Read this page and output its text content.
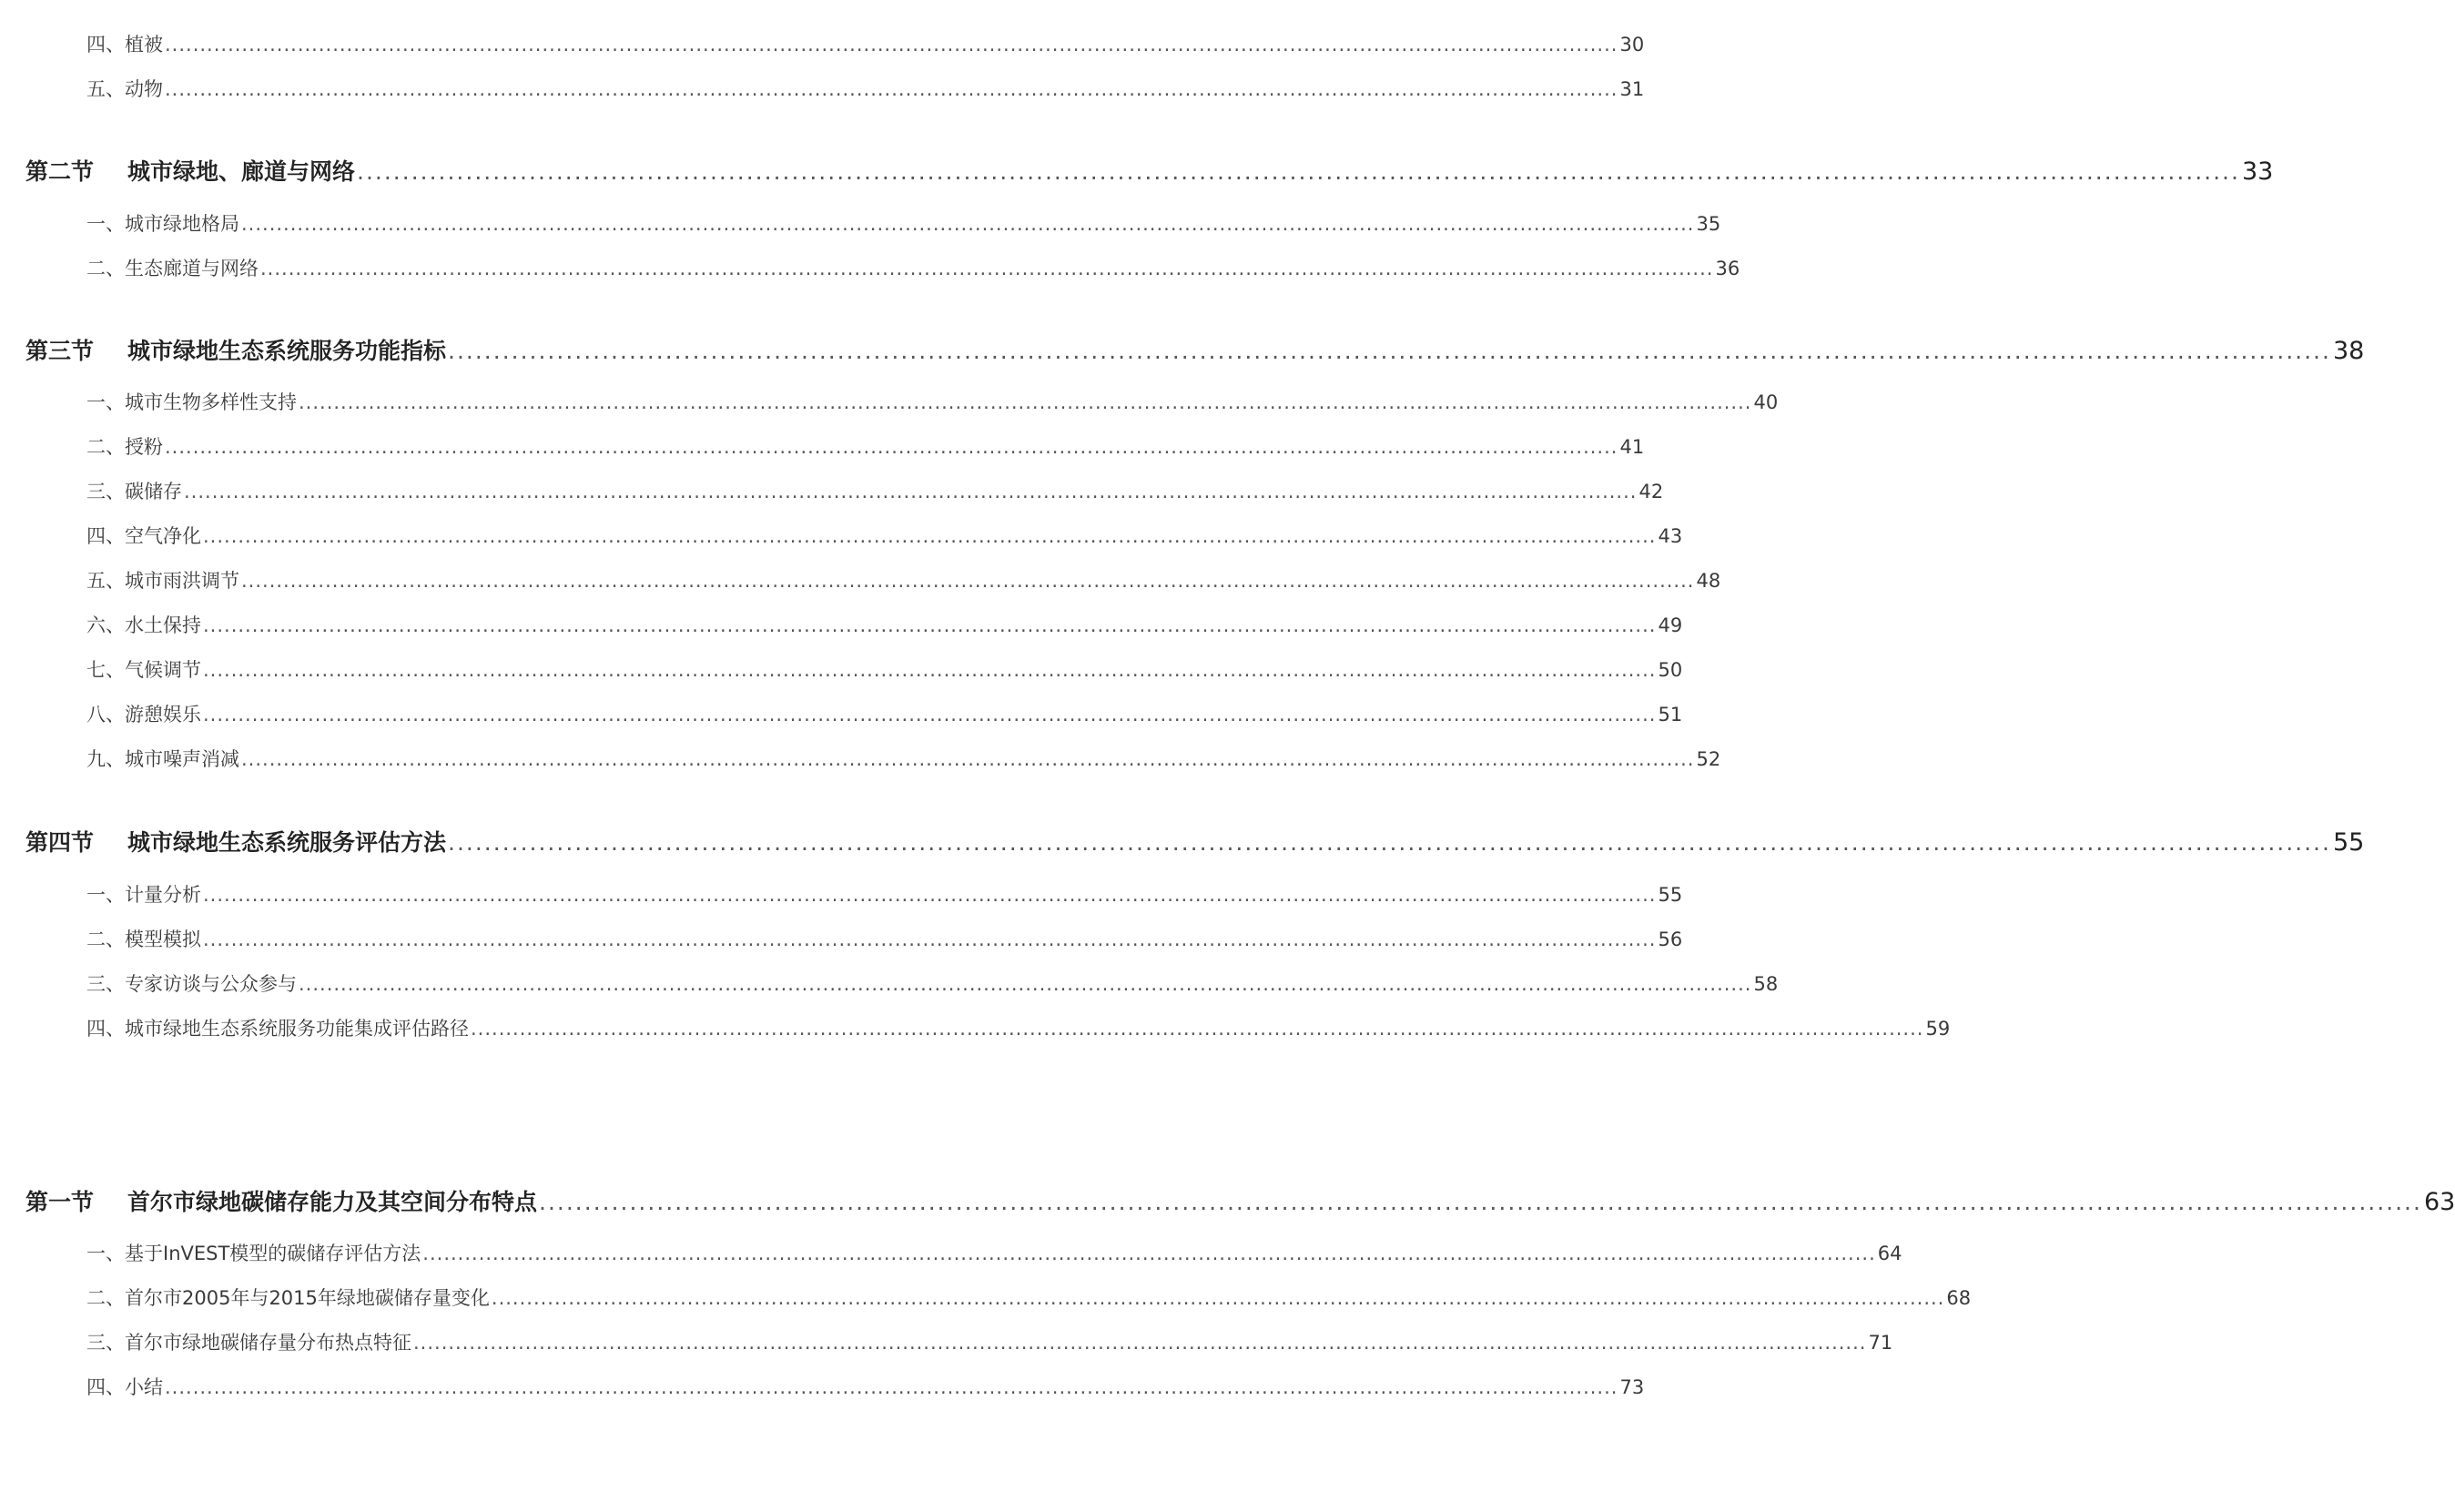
四、植被 ................................................................................................................................................................................................................ 30
五、动物 ................................................................................................................................................................................................................ 31
第二节 城市绿地、廊道与网络 ................................................................................................................................................................................................................ 33
一、城市绿地格局 ................................................................................................................................................................................................................ 35
二、生态廊道与网络 ................................................................................................................................................................................................................ 36
第三节 城市绿地生态系统服务功能指标 ................................................................................................................................................................................................................ 38
一、城市生物多样性支持 ................................................................................................................................................................................................................ 40
二、授粉 ................................................................................................................................................................................................................ 41
三、碳储存 ................................................................................................................................................................................................................ 42
四、空气净化 ................................................................................................................................................................................................................ 43
五、城市雨洪调节 ................................................................................................................................................................................................................ 48
六、水土保持 ................................................................................................................................................................................................................ 49
七、气候调节 ................................................................................................................................................................................................................ 50
八、游憩娱乐 ................................................................................................................................................................................................................ 51
九、城市噪声消减 ................................................................................................................................................................................................................ 52
第四节 城市绿地生态系统服务评估方法 ................................................................................................................................................................................................................ 55
一、计量分析 ................................................................................................................................................................................................................ 55
二、模型模拟 ................................................................................................................................................................................................................ 56
三、专家访谈与公众参与 ................................................................................................................................................................................................................ 58
四、城市绿地生态系统服务功能集成评估路径 ................................................................................................................................................................................................................ 59
第一节 首尔市绿地碳储存能力及其空间分布特点 ................................................................................................................................................................................................................ 63
一、基于InVEST模型的碳储存评估方法 ................................................................................................................................................................................................................ 64
二、首尔市2005年与2015年绿地碳储存量变化 ................................................................................................................................................................................................................ 68
三、首尔市绿地碳储存量分布热点特征 ................................................................................................................................................................................................................ 71
四、小结 ................................................................................................................................................................................................................ 73
